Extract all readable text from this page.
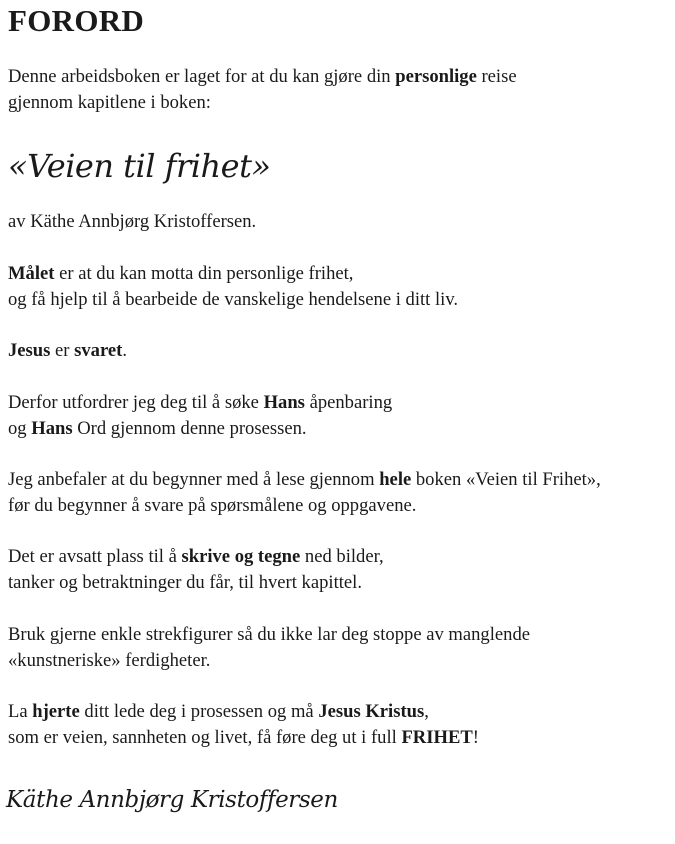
FORORD

Denne arbeidsboken er laget for at du kan gjøre din personlige reise
gjennom kapitlene i boken:

«Veien til frihet»

av Käthe Annbjørg Kristoffersen.

Målet er at du kan motta din personlige frihet,
og få hjelp til å bearbeide de vanskelige hendelsene i ditt liv.

Jesus er svaret.

Derfor utfordrer jeg deg til å søke Hans åpenbaring
og Hans Ord gjennom denne prosessen.

Jeg anbefaler at du begynner med å lese gjennom hele boken «Veien til Frihet»,
før du begynner å svare på spørsmålene og oppgavene.

Det er avsatt plass til å skrive og tegne ned bilder,
tanker og betraktninger du får, til hvert kapittel.

Bruk gjerne enkle strekfigurer så du ikke lar deg stoppe av manglende
«kunstneriske» ferdigheter.

La hjerte ditt lede deg i prosessen og må Jesus Kristus,
som er veien, sannheten og livet, få føre deg ut i full FRIHET!

Käthe Annbjørg Kristoffersen
